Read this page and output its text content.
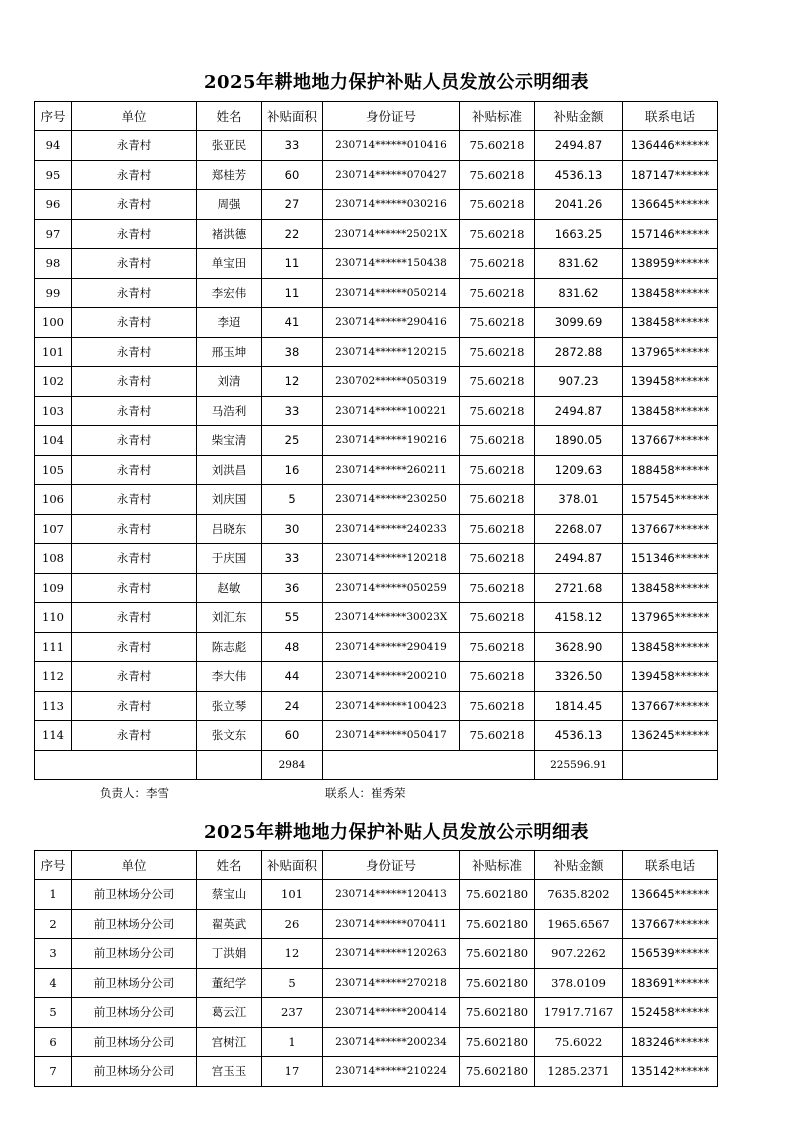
2025年耕地地力保护补贴人员发放公示明细表
序号	单位	姓名	补贴面积	身份证号	补贴标准	补贴金额	联系电话
94	永青村	张亚民	33	230714******010416	75.60218	2494.87	136446******
95	永青村	郑桂芳	60	230714******070427	75.60218	4536.13	187147******
96	永青村	周强	27	230714******030216	75.60218	2041.26	136645******
97	永青村	褚洪德	22	230714******25021X	75.60218	1663.25	157146******
98	永青村	单宝田	11	230714******150438	75.60218	831.62	138959******
99	永青村	李宏伟	11	230714******050214	75.60218	831.62	138458******
100	永青村	李迢	41	230714******290416	75.60218	3099.69	138458******
101	永青村	邢玉坤	38	230714******120215	75.60218	2872.88	137965******
102	永青村	刘清	12	230702******050319	75.60218	907.23	139458******
103	永青村	马浩利	33	230714******100221	75.60218	2494.87	138458******
104	永青村	柴宝清	25	230714******190216	75.60218	1890.05	137667******
105	永青村	刘洪昌	16	230714******260211	75.60218	1209.63	188458******
106	永青村	刘庆国	5	230714******230250	75.60218	378.01	157545******
107	永青村	吕晓东	30	230714******240233	75.60218	2268.07	137667******
108	永青村	于庆国	33	230714******120218	75.60218	2494.87	151346******
109	永青村	赵敏	36	230714******050259	75.60218	2721.68	138458******
110	永青村	刘汇东	55	230714******30023X	75.60218	4158.12	137965******
111	永青村	陈志彪	48	230714******290419	75.60218	3628.90	138458******
112	永青村	李大伟	44	230714******200210	75.60218	3326.50	139458******
113	永青村	张立琴	24	230714******100423	75.60218	1814.45	137667******
114	永青村	张文东	60	230714******050417	75.60218	4536.13	136245******
			2984			225596.91	
负责人：李雪	联系人：崔秀荣
2025年耕地地力保护补贴人员发放公示明细表
序号	单位	姓名	补贴面积	身份证号	补贴标准	补贴金额	联系电话
1	前卫林场分公司	蔡宝山	101	230714******120413	75.602180	7635.8202	136645******
2	前卫林场分公司	翟英武	26	230714******070411	75.602180	1965.6567	137667******
3	前卫林场分公司	丁洪娟	12	230714******120263	75.602180	907.2262	156539******
4	前卫林场分公司	董纪学	5	230714******270218	75.602180	378.0109	183691******
5	前卫林场分公司	葛云江	237	230714******200414	75.602180	17917.7167	152458******
6	前卫林场分公司	宫树江	1	230714******200234	75.602180	75.6022	183246******
7	前卫林场分公司	宫玉玉	17	230714******210224	75.602180	1285.2371	135142******
